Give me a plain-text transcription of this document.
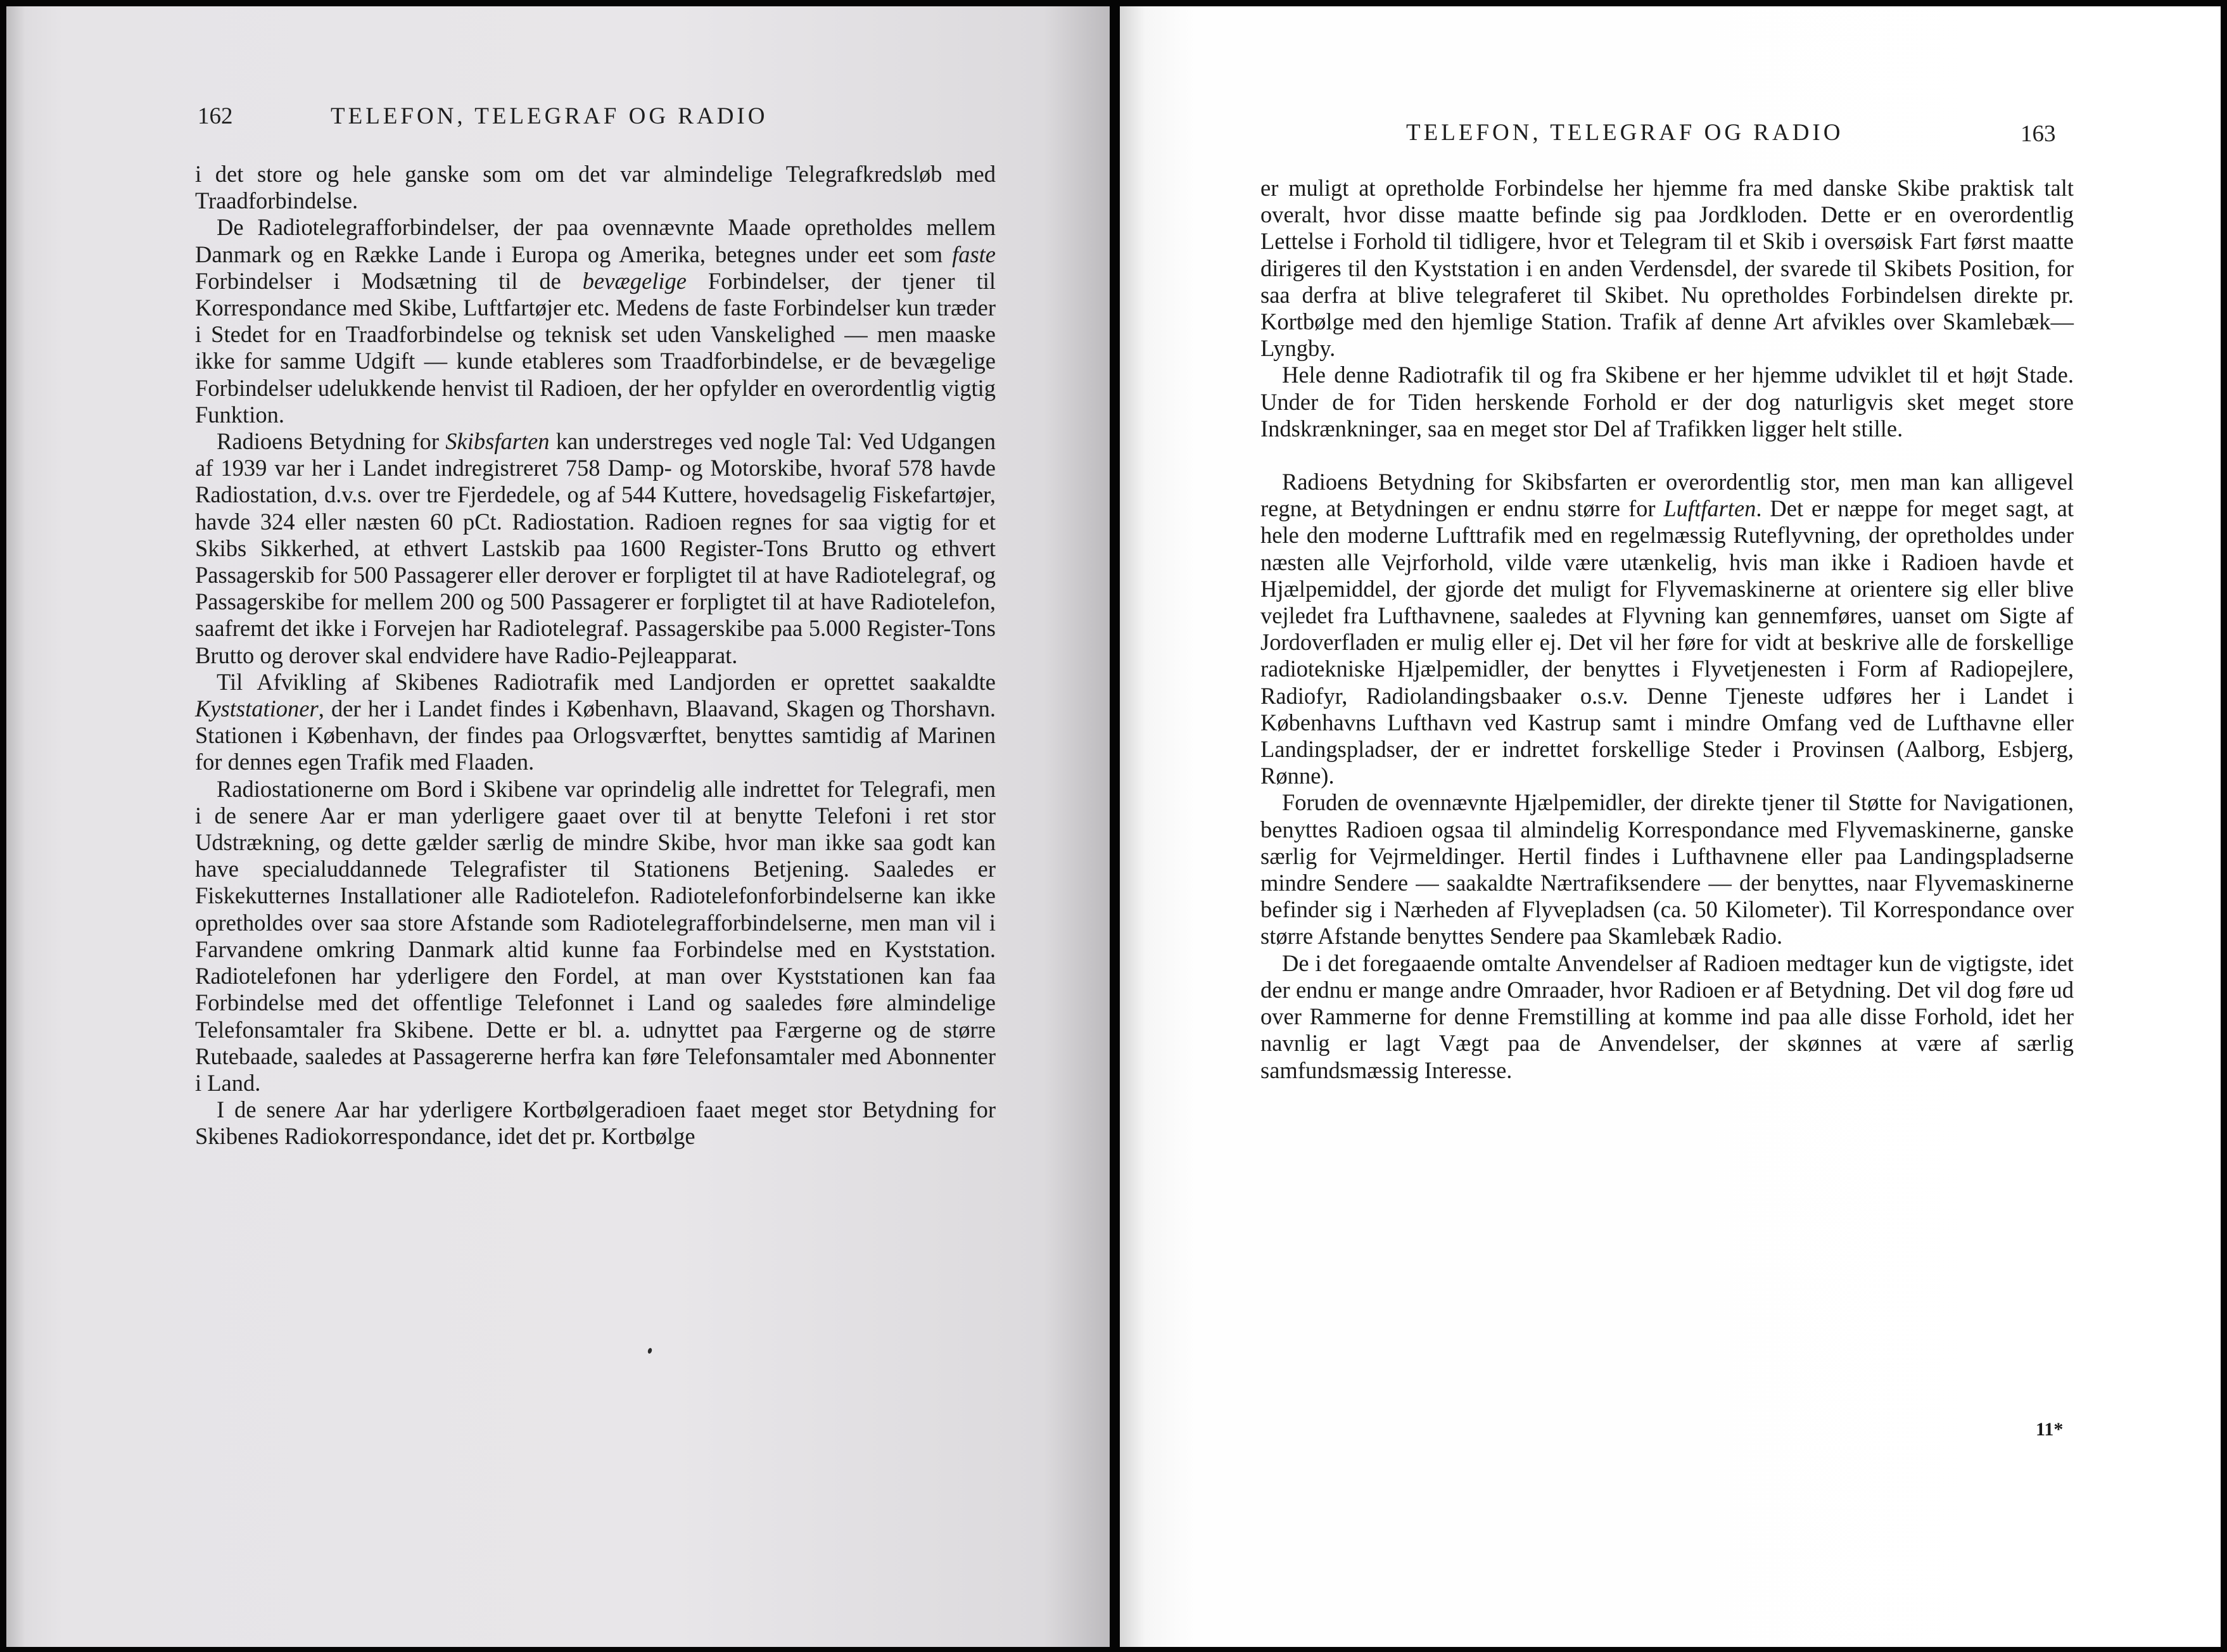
162	TELEFON, TELEGRAF OG RADIO

i det store og hele ganske som om det var almindelige Telegrafkredsløb med Traadforbindelse.

De Radiotelegrafforbindelser, der paa ovennævnte Maade opretholdes mellem Danmark og en Række Lande i Europa og Amerika, betegnes under eet som faste Forbindelser i Modsætning til de bevægelige Forbindelser, der tjener til Korrespondance med Skibe, Luftfartøjer etc. Medens de faste Forbindelser kun træder i Stedet for en Traadforbindelse og teknisk set uden Vanskelighed — men maaske ikke for samme Udgift — kunde etableres som Traadforbindelse, er de bevægelige Forbindelser udelukkende henvist til Radioen, der her opfylder en overordentlig vigtig Funktion.

Radioens Betydning for Skibsfarten kan understreges ved nogle Tal: Ved Udgangen af 1939 var her i Landet indregistreret 758 Damp- og Motorskibe, hvoraf 578 havde Radiostation, d.v.s. over tre Fjerdedele, og af 544 Kuttere, hovedsagelig Fiskefartøjer, havde 324 eller næsten 60 pCt. Radiostation. Radioen regnes for saa vigtig for et Skibs Sikkerhed, at ethvert Lastskib paa 1600 Register-Tons Brutto og ethvert Passagerskib for 500 Passagerer eller derover er forpligtet til at have Radiotelegraf, og Passagerskibe for mellem 200 og 500 Passagerer er forpligtet til at have Radiotelefon, saafremt det ikke i Forvejen har Radiotelegraf. Passagerskibe paa 5.000 Register-Tons Brutto og derover skal endvidere have Radio-Pejleapparat.

Til Afvikling af Skibenes Radiotrafik med Landjorden er oprettet saakaldte Kyststationer, der her i Landet findes i København, Blaavand, Skagen og Thorshavn. Stationen i København, der findes paa Orlogsværftet, benyttes samtidig af Marinen for dennes egen Trafik med Flaaden.

Radiostationerne om Bord i Skibene var oprindelig alle indrettet for Telegrafi, men i de senere Aar er man yderligere gaaet over til at benytte Telefoni i ret stor Udstrækning, og dette gælder særlig de mindre Skibe, hvor man ikke saa godt kan have specialuddannede Telegrafister til Stationens Betjening. Saaledes er Fiskekutternes Installationer alle Radiotelefon. Radiotelefonforbindelserne kan ikke opretholdes over saa store Afstande som Radiotelegrafforbindelserne, men man vil i Farvandene omkring Danmark altid kunne faa Forbindelse med en Kyststation. Radiotelefonen har yderligere den Fordel, at man over Kyststationen kan faa Forbindelse med det offentlige Telefonnet i Land og saaledes føre almindelige Telefonsamtaler fra Skibene. Dette er bl. a. udnyttet paa Færgerne og de større Rutebaade, saaledes at Passagererne herfra kan føre Telefonsamtaler med Abonnenter i Land.

I de senere Aar har yderligere Kortbølgeradioen faaet meget stor Betydning for Skibenes Radiokorrespondance, idet det pr. Kortbølge

TELEFON, TELEGRAF OG RADIO	163

er muligt at opretholde Forbindelse her hjemme fra med danske Skibe praktisk talt overalt, hvor disse maatte befinde sig paa Jordkloden. Dette er en overordentlig Lettelse i Forhold til tidligere, hvor et Telegram til et Skib i oversøisk Fart først maatte dirigeres til den Kyststation i en anden Verdensdel, der svarede til Skibets Position, for saa derfra at blive telegraferet til Skibet. Nu opretholdes Forbindelsen direkte pr. Kortbølge med den hjemlige Station. Trafik af denne Art afvikles over Skamlebæk—Lyngby.

Hele denne Radiotrafik til og fra Skibene er her hjemme udviklet til et højt Stade. Under de for Tiden herskende Forhold er der dog naturligvis sket meget store Indskrænkninger, saa en meget stor Del af Trafikken ligger helt stille.

Radioens Betydning for Skibsfarten er overordentlig stor, men man kan alligevel regne, at Betydningen er endnu større for Luftfarten. Det er næppe for meget sagt, at hele den moderne Lufttrafik med en regelmæssig Ruteflyvning, der opretholdes under næsten alle Vejrforhold, vilde være utænkelig, hvis man ikke i Radioen havde et Hjælpemiddel, der gjorde det muligt for Flyvemaskinerne at orientere sig eller blive vejledet fra Lufthavnene, saaledes at Flyvning kan gennemføres, uanset om Sigte af Jordoverfladen er mulig eller ej. Det vil her føre for vidt at beskrive alle de forskellige radiotekniske Hjælpemidler, der benyttes i Flyvetjenesten i Form af Radiopejlere, Radiofyr, Radiolandingsbaaker o.s.v. Denne Tjeneste udføres her i Landet i Københavns Lufthavn ved Kastrup samt i mindre Omfang ved de Lufthavne eller Landingspladser, der er indrettet forskellige Steder i Provinsen (Aalborg, Esbjerg, Rønne).

Foruden de ovennævnte Hjælpemidler, der direkte tjener til Støtte for Navigationen, benyttes Radioen ogsaa til almindelig Korrespondance med Flyvemaskinerne, ganske særlig for Vejrmeldinger. Hertil findes i Lufthavnene eller paa Landingspladserne mindre Sendere — saakaldte Nærtrafiksendere — der benyttes, naar Flyvemaskinerne befinder sig i Nærheden af Flyvepladsen (ca. 50 Kilometer). Til Korrespondance over større Afstande benyttes Sendere paa Skamlebæk Radio.

De i det foregaaende omtalte Anvendelser af Radioen medtager kun de vigtigste, idet der endnu er mange andre Omraader, hvor Radioen er af Betydning. Det vil dog føre ud over Rammerne for denne Fremstilling at komme ind paa alle disse Forhold, idet her navnlig er lagt Vægt paa de Anvendelser, der skønnes at være af særlig samfundsmæssig Interesse.

11*
